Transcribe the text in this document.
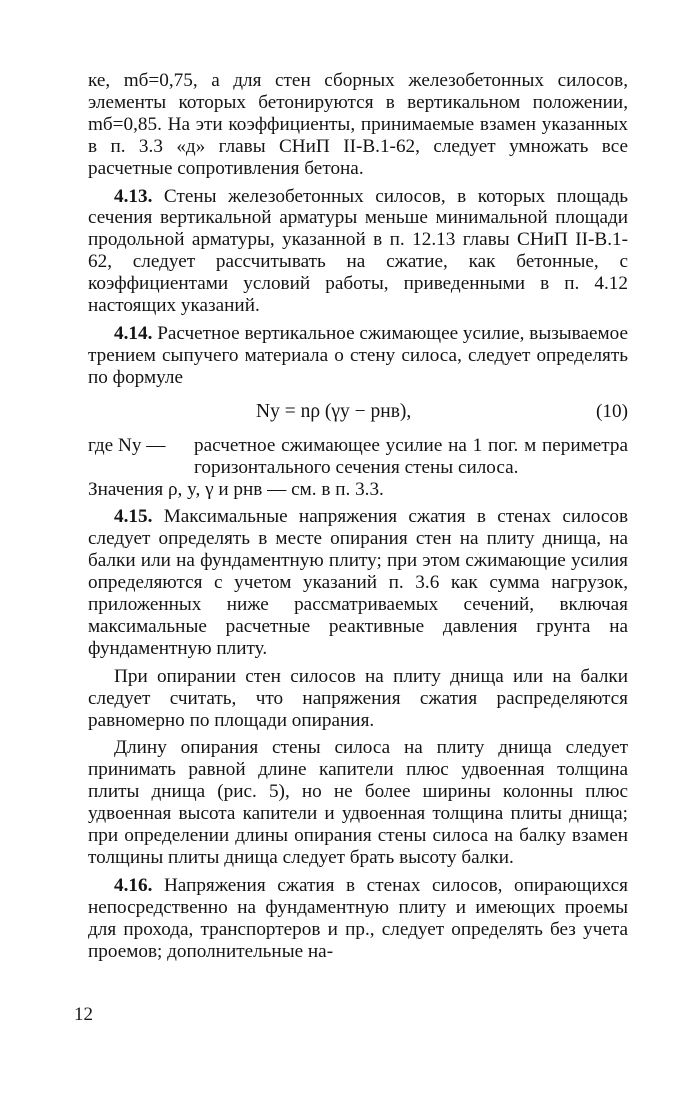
ке, mб=0,75, а для стен сборных железобетонных силосов, элементы которых бетонируются в вертикальном положении, mб=0,85. На эти коэффициенты, принимаемые взамен указанных в п. 3.3 «д» главы СНиП II-В.1-62, следует умножать все расчетные сопротивления бетона.

4.13. Стены железобетонных силосов, в которых площадь сечения вертикальной арматуры меньше минимальной площади продольной арматуры, указанной в п. 12.13 главы СНиП II-В.1-62, следует рассчитывать на сжатие, как бетонные, с коэффициентами условий работы, приведенными в п. 4.12 настоящих указаний.

4.14. Расчетное вертикальное сжимающее усилие, вызываемое трением сыпучего материала о стену силоса, следует определять по формуле

Nу = nρ (γy − pнв),	(10)
где Nу — расчетное сжимающее усилие на 1 пог. м периметра горизонтального сечения стены силоса.

Значения ρ, y, γ и pнв — см. в п. 3.3.

4.15. Максимальные напряжения сжатия в стенах силосов следует определять в месте опирания стен на плиту днища, на балки или на фундаментную плиту; при этом сжимающие усилия определяются с учетом указаний п. 3.6 как сумма нагрузок, приложенных ниже рассматриваемых сечений, включая максимальные расчетные реактивные давления грунта на фундаментную плиту.

При опирании стен силосов на плиту днища или на балки следует считать, что напряжения сжатия распределяются равномерно по площади опирания.

Длину опирания стены силоса на плиту днища следует принимать равной длине капители плюс удвоенная толщина плиты днища (рис. 5), но не более ширины колонны плюс удвоенная высота капители и удвоенная толщина плиты днища; при определении длины опирания стены силоса на балку взамен толщины плиты днища следует брать высоту балки.

4.16. Напряжения сжатия в стенах силосов, опирающихся непосредственно на фундаментную плиту и имеющих проемы для прохода, транспортеров и пр., следует определять без учета проемов; дополнительные на-

12
